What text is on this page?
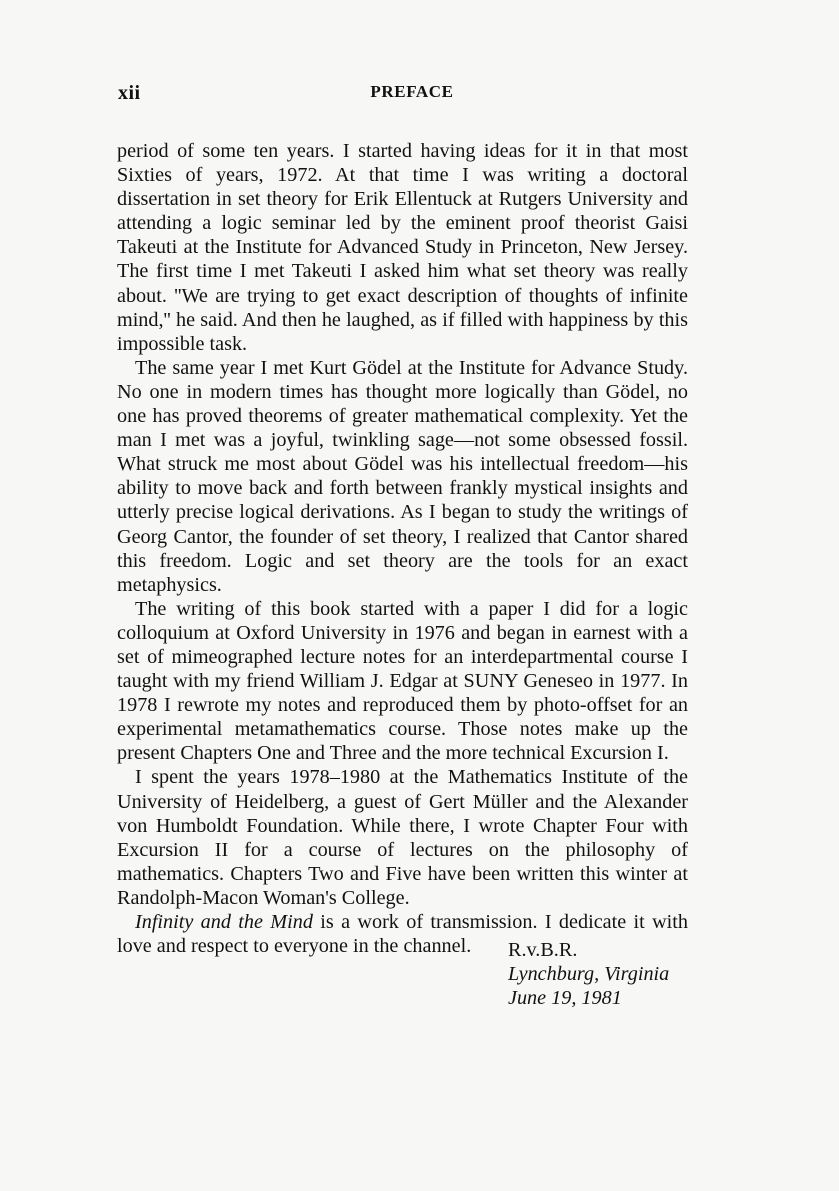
xii	PREFACE

period of some ten years. I started having ideas for it in that most Sixties of years, 1972. At that time I was writing a doctoral dissertation in set theory for Erik Ellentuck at Rutgers University and attending a logic seminar led by the eminent proof theorist Gaisi Takeuti at the Institute for Advanced Study in Princeton, New Jersey. The first time I met Takeuti I asked him what set theory was really about. ''We are trying to get exact description of thoughts of infinite mind,'' he said. And then he laughed, as if filled with happiness by this impossible task.

The same year I met Kurt Gödel at the Institute for Advance Study. No one in modern times has thought more logically than Gödel, no one has proved theorems of greater mathematical complexity. Yet the man I met was a joyful, twinkling sage—not some obsessed fossil. What struck me most about Gödel was his intellectual freedom—his ability to move back and forth between frankly mystical insights and utterly precise logical derivations. As I began to study the writings of Georg Cantor, the founder of set theory, I realized that Cantor shared this freedom. Logic and set theory are the tools for an exact metaphysics.

The writing of this book started with a paper I did for a logic colloquium at Oxford University in 1976 and began in earnest with a set of mimeographed lecture notes for an interdepartmental course I taught with my friend William J. Edgar at SUNY Geneseo in 1977. In 1978 I rewrote my notes and reproduced them by photo-offset for an experimental metamathematics course. Those notes make up the present Chapters One and Three and the more technical Excursion I.

I spent the years 1978–1980 at the Mathematics Institute of the University of Heidelberg, a guest of Gert Müller and the Alexander von Humboldt Foundation. While there, I wrote Chapter Four with Excursion II for a course of lectures on the philosophy of mathematics. Chapters Two and Five have been written this winter at Randolph-Macon Woman's College.

Infinity and the Mind is a work of transmission. I dedicate it with love and respect to everyone in the channel.	R.v.B.R.
Lynchburg, Virginia
June 19, 1981
